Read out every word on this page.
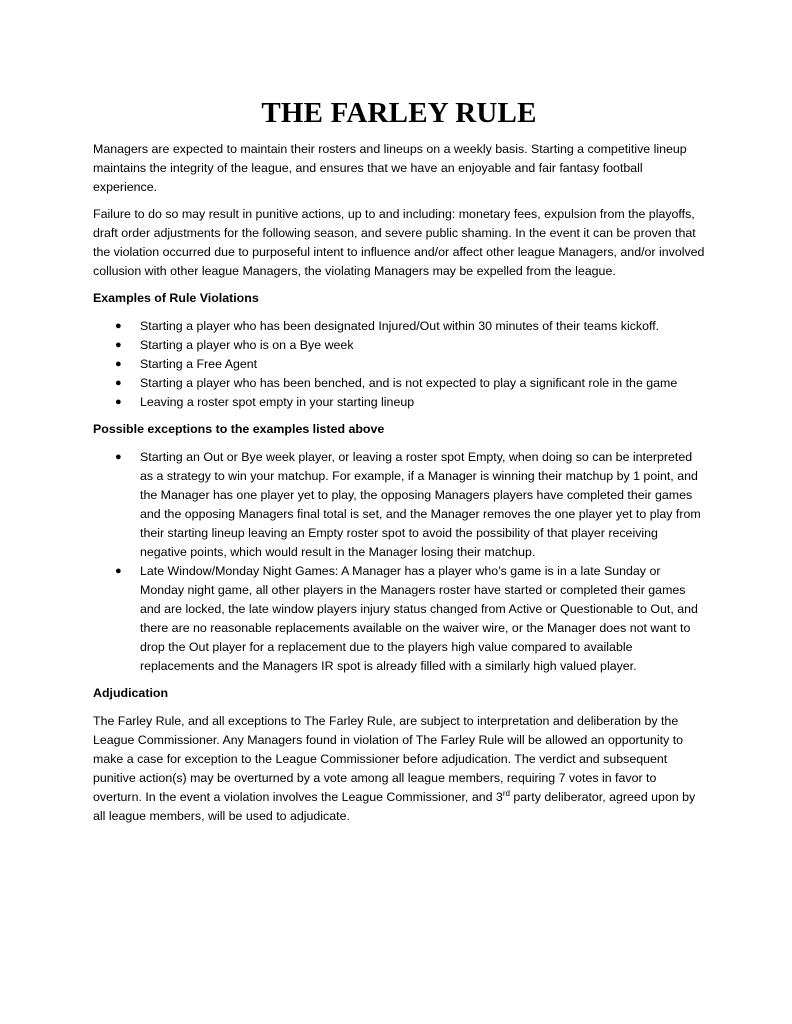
THE FARLEY RULE

Managers are expected to maintain their rosters and lineups on a weekly basis. Starting a competitive lineup maintains the integrity of the league, and ensures that we have an enjoyable and fair fantasy football experience.

Failure to do so may result in punitive actions, up to and including: monetary fees, expulsion from the playoffs, draft order adjustments for the following season, and severe public shaming. In the event it can be proven that the violation occurred due to purposeful intent to influence and/or affect other league Managers, and/or involved collusion with other league Managers, the violating Managers may be expelled from the league.

Examples of Rule Violations
● Starting a player who has been designated Injured/Out within 30 minutes of their teams kickoff.
● Starting a player who is on a Bye week
● Starting a Free Agent
● Starting a player who has been benched, and is not expected to play a significant role in the game
● Leaving a roster spot empty in your starting lineup
Possible exceptions to the examples listed above
● Starting an Out or Bye week player, or leaving a roster spot Empty, when doing so can be interpreted as a strategy to win your matchup. For example, if a Manager is winning their matchup by 1 point, and the Manager has one player yet to play, the opposing Managers players have completed their games and the opposing Managers final total is set, and the Manager removes the one player yet to play from their starting lineup leaving an Empty roster spot to avoid the possibility of that player receiving negative points, which would result in the Manager losing their matchup.
● Late Window/Monday Night Games: A Manager has a player who’s game is in a late Sunday or Monday night game, all other players in the Managers roster have started or completed their games and are locked, the late window players injury status changed from Active or Questionable to Out, and there are no reasonable replacements available on the waiver wire, or the Manager does not want to drop the Out player for a replacement due to the players high value compared to available replacements and the Managers IR spot is already filled with a similarly high valued player.
Adjudication

The Farley Rule, and all exceptions to The Farley Rule, are subject to interpretation and deliberation by the League Commissioner. Any Managers found in violation of The Farley Rule will be allowed an opportunity to make a case for exception to the League Commissioner before adjudication. The verdict and subsequent punitive action(s) may be overturned by a vote among all league members, requiring 7 votes in favor to overturn. In the event a violation involves the League Commissioner, and 3rd party deliberator, agreed upon by all league members, will be used to adjudicate.
